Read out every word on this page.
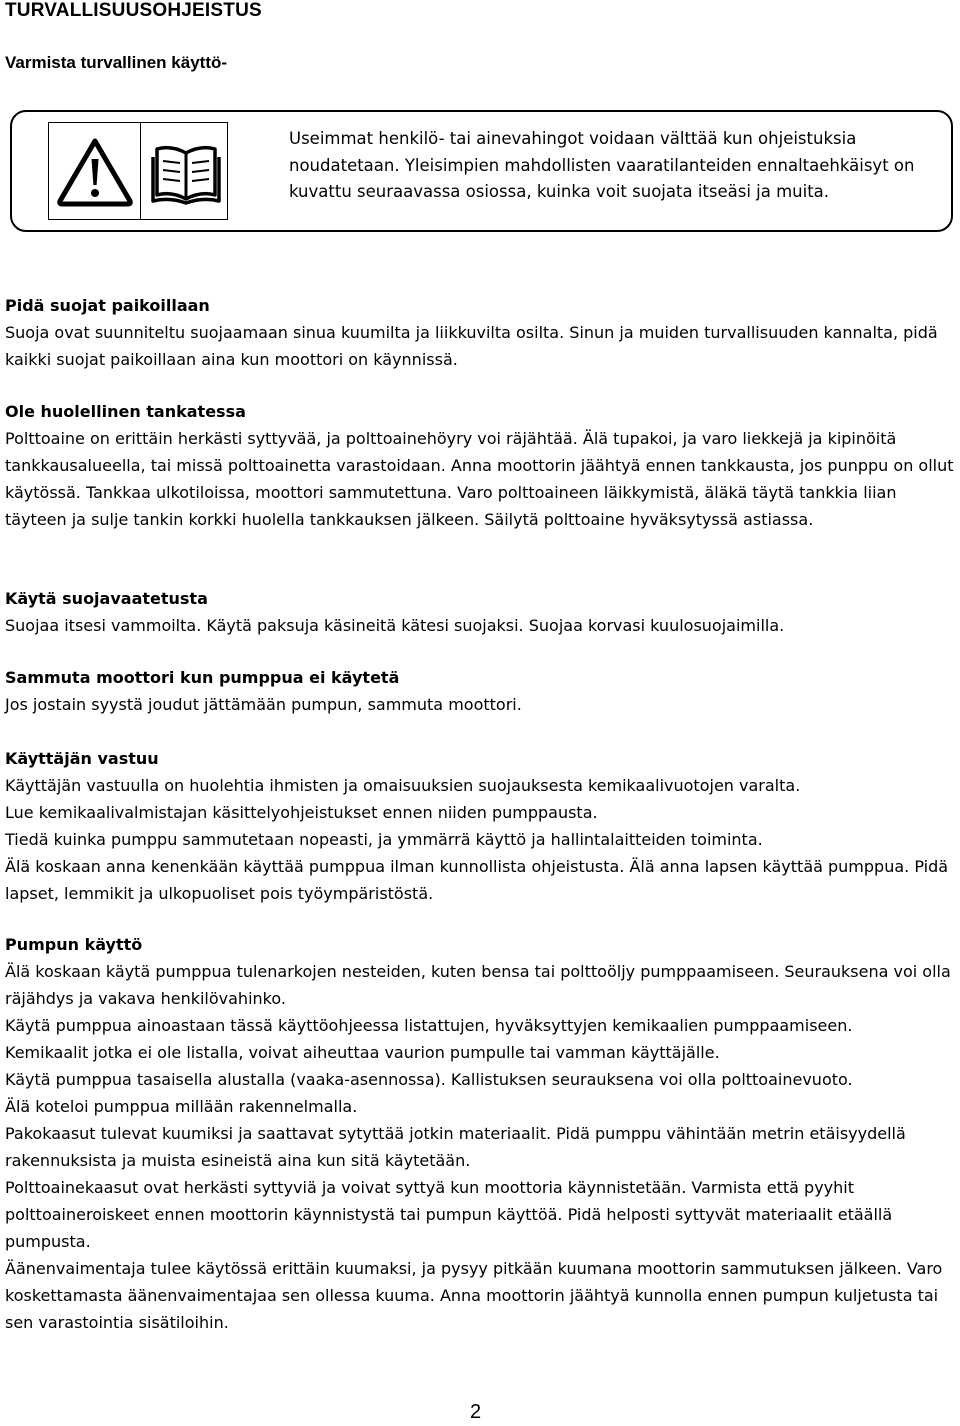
TURVALLISUUSOHJEISTUS
Varmista turvallinen käyttö-
Useimmat henkilö- tai ainevahingot voidaan välttää kun ohjeistuksia noudatetaan. Yleisimpien mahdollisten vaaratilanteiden ennaltaehkäisyt on kuvattu seuraavassa osiossa, kuinka voit suojata itseäsi ja muita.
Pidä suojat paikoillaan

Suoja ovat suunniteltu suojaamaan sinua kuumilta ja liikkuvilta osilta. Sinun ja muiden turvallisuuden kannalta, pidä kaikki suojat paikoillaan aina kun moottori on käynnissä.

Ole huolellinen tankatessa

Polttoaine on erittäin herkästi syttyvää, ja polttoainehöyry voi räjähtää. Älä tupakoi, ja varo liekkejä ja kipinöitä tankkausalueella, tai missä polttoainetta varastoidaan. Anna moottorin jäähtyä ennen tankkausta, jos punppu on ollut käytössä. Tankkaa ulkotiloissa, moottori sammutettuna. Varo polttoaineen läikkymistä, äläkä täytä tankkia liian täyteen ja sulje tankin korkki huolella tankkauksen jälkeen. Säilytä polttoaine hyväksytyssä astiassa.

Käytä suojavaatetusta

Suojaa itsesi vammoilta. Käytä paksuja käsineitä kätesi suojaksi. Suojaa korvasi kuulosuojaimilla.

Sammuta moottori kun pumppua ei käytetä

Jos jostain syystä joudut jättämään pumpun, sammuta moottori.

Käyttäjän vastuu

Käyttäjän vastuulla on huolehtia ihmisten ja omaisuuksien suojauksesta kemikaalivuotojen varalta.

Lue kemikaalivalmistajan käsittelyohjeistukset ennen niiden pumppausta.

Tiedä kuinka pumppu sammutetaan nopeasti, ja ymmärrä käyttö ja hallintalaitteiden toiminta.

Älä koskaan anna kenenkään käyttää pumppua ilman kunnollista ohjeistusta. Älä anna lapsen käyttää pumppua. Pidä lapset, lemmikit ja ulkopuoliset pois työympäristöstä.

Pumpun käyttö

Älä koskaan käytä pumppua tulenarkojen nesteiden, kuten bensa tai polttoöljy pumppaamiseen. Seurauksena voi olla räjähdys ja vakava henkilövahinko.

Käytä pumppua ainoastaan tässä käyttöohjeessa listattujen, hyväksyttyjen kemikaalien pumppaamiseen.

Kemikaalit jotka ei ole listalla, voivat aiheuttaa vaurion pumpulle tai vamman käyttäjälle.

Käytä pumppua tasaisella alustalla (vaaka-asennossa). Kallistuksen seurauksena voi olla polttoainevuoto.

Älä koteloi pumppua millään rakennelmalla.

Pakokaasut tulevat kuumiksi ja saattavat sytyttää jotkin materiaalit. Pidä pumppu vähintään metrin etäisyydellä rakennuksista ja muista esineistä aina kun sitä käytetään.

Polttoainekaasut ovat herkästi syttyviä ja voivat syttyä kun moottoria käynnistetään. Varmista että pyyhit polttoaineroiskeet ennen moottorin käynnistystä tai pumpun käyttöä. Pidä helposti syttyvät materiaalit etäällä pumpusta.

Äänenvaimentaja tulee käytössä erittäin kuumaksi, ja pysyy pitkään kuumana moottorin sammutuksen jälkeen. Varo koskettamasta äänenvaimentajaa sen ollessa kuuma. Anna moottorin jäähtyä kunnolla ennen pumpun kuljetusta tai sen varastointia sisätiloihin.

2
